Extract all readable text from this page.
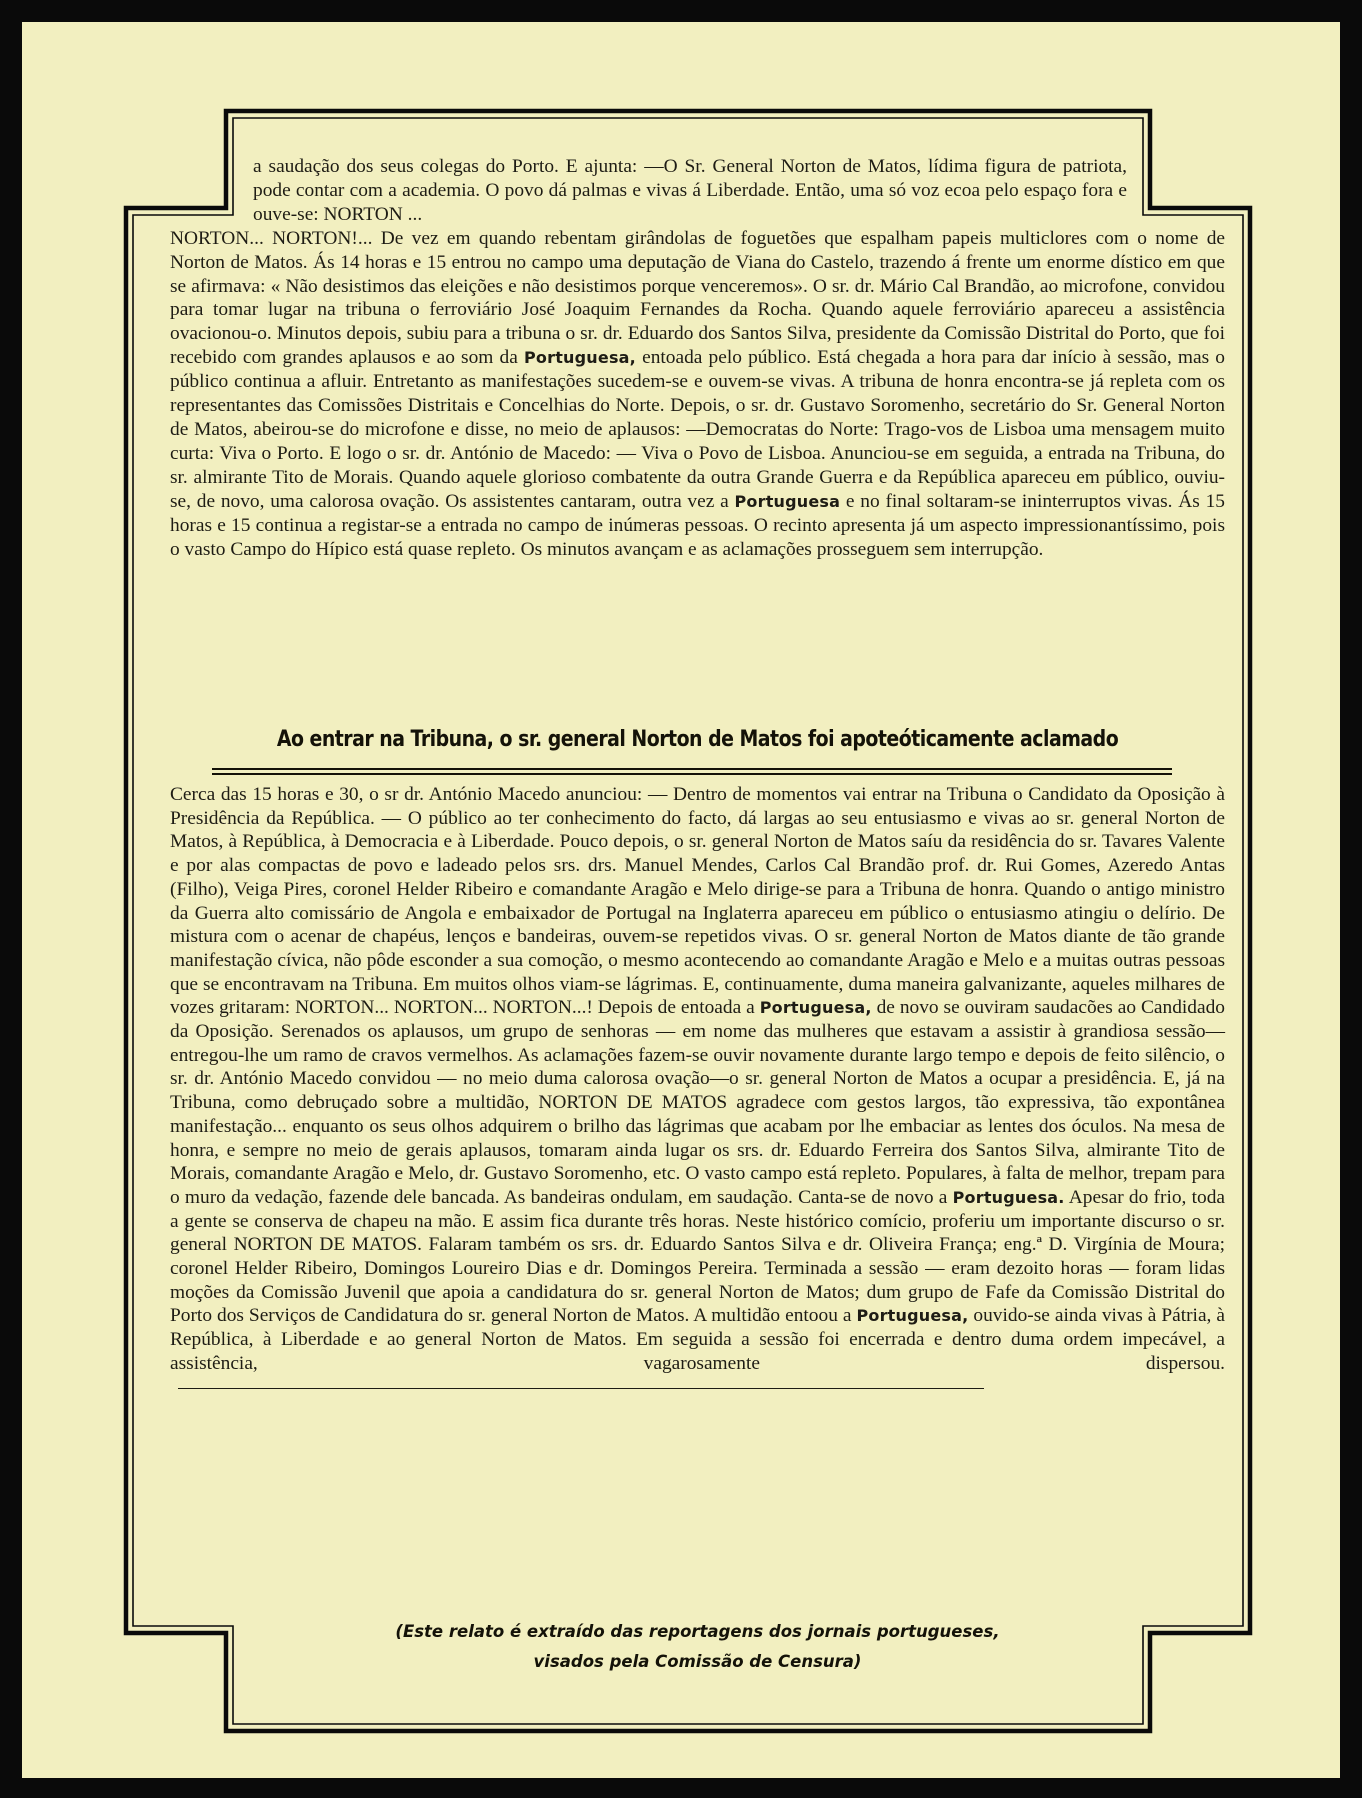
a saudação dos seus colegas do Porto. E ajunta: —O Sr. General Norton de Matos, lídima figura de patriota, pode contar com a academia. O povo dá palmas e vivas á Liberdade. Então, uma só voz ecoa pelo espaço fora e ouve-se: NORTON ...
NORTON... NORTON!... De vez em quando rebentam girândolas de foguetões que espalham papeis multiclores com o nome de Norton de Matos. Ás 14 horas e 15 entrou no campo uma deputação de Viana do Castelo, trazendo á frente um enorme dístico em que se afirmava: « Não desistimos das eleições e não desistimos porque venceremos». O sr. dr. Mário Cal Brandão, ao microfone, convidou para tomar lugar na tribuna o ferroviário José Joaquim Fernandes da Rocha. Quando aquele ferroviário apareceu a assistência ovacionou-o. Minutos depois, subiu para a tribuna o sr. dr. Eduardo dos Santos Silva, presidente da Comissão Distrital do Porto, que foi recebido com grandes aplausos e ao som da Portuguesa, entoada pelo público. Está chegada a hora para dar início à sessão, mas o público continua a afluir. Entretanto as manifestações sucedem-se e ouvem-se vivas. A tribuna de honra encontra-se já repleta com os representantes das Comissões Distritais e Concelhias do Norte. Depois, o sr. dr. Gustavo Soromenho, secretário do Sr. General Norton de Matos, abeirou-se do microfone e disse, no meio de aplausos: —Democratas do Norte: Trago-vos de Lisboa uma mensagem muito curta: Viva o Porto. E logo o sr. dr. António de Macedo: — Viva o Povo de Lisboa. Anunciou-se em seguida, a entrada na Tribuna, do sr. almirante Tito de Morais. Quando aquele glorioso combatente da outra Grande Guerra e da República apareceu em público, ouviu-se, de novo, uma calorosa ovação. Os assistentes cantaram, outra vez a Portuguesa e no final soltaram-se ininterruptos vivas. Ás 15 horas e 15 continua a registar-se a entrada no campo de inúmeras pessoas. O recinto apresenta já um aspecto impressionantíssimo, pois o vasto Campo do Hípico está quase repleto. Os minutos avançam e as aclamações prosseguem sem interrupção.

Ao entrar na Tribuna, o sr. general Norton de Matos foi apoteóticamente aclamado

Cerca das 15 horas e 30, o sr dr. António Macedo anunciou: — Dentro de momentos vai entrar na Tribuna o Candidato da Oposição à Presidência da República. — O público ao ter conhecimento do facto, dá largas ao seu entusiasmo e vivas ao sr. general Norton de Matos, à República, à Democracia e à Liberdade. Pouco depois, o sr. general Norton de Matos saíu da residência do sr. Tavares Valente e por alas compactas de povo e ladeado pelos srs. drs. Manuel Mendes, Carlos Cal Brandão prof. dr. Rui Gomes, Azeredo Antas (Filho), Veiga Pires, coronel Helder Ribeiro e comandante Aragão e Melo dirige-se para a Tribuna de honra. Quando o antigo ministro da Guerra alto comissário de Angola e embaixador de Portugal na Inglaterra apareceu em público o entusiasmo atingiu o delírio. De mistura com o acenar de chapéus, lenços e bandeiras, ouvem-se repetidos vivas. O sr. general Norton de Matos diante de tão grande manifestação cívica, não pôde esconder a sua comoção, o mesmo acontecendo ao comandante Aragão e Melo e a muitas outras pessoas que se encontravam na Tribuna. Em muitos olhos viam-se lágrimas. E, continuamente, duma maneira galvanizante, aqueles milhares de vozes gritaram: NORTON... NORTON... NORTON...! Depois de entoada a Portuguesa, de novo se ouviram saudacões ao Candidado da Oposição. Serenados os aplausos, um grupo de senhoras — em nome das mulheres que estavam a assistir à grandiosa sessão—entregou-lhe um ramo de cravos vermelhos. As aclamações fazem-se ouvir novamente durante largo tempo e depois de feito silêncio, o sr. dr. António Macedo convidou — no meio duma calorosa ovação—o sr. general Norton de Matos a ocupar a presidência. E, já na Tribuna, como debruçado sobre a multidão, NORTON DE MATOS agradece com gestos largos, tão expressiva, tão expontânea manifestação... enquanto os seus olhos adquirem o brilho das lágrimas que acabam por lhe embaciar as lentes dos óculos. Na mesa de honra, e sempre no meio de gerais aplausos, tomaram ainda lugar os srs. dr. Eduardo Ferreira dos Santos Silva, almirante Tito de Morais, comandante Aragão e Melo, dr. Gustavo Soromenho, etc. O vasto campo está repleto. Populares, à falta de melhor, trepam para o muro da vedação, fazende dele bancada. As bandeiras ondulam, em saudação. Canta-se de novo a Portuguesa. Apesar do frio, toda a gente se conserva de chapeu na mão. E assim fica durante três horas. Neste histórico comício, proferiu um importante discurso o sr. general NORTON DE MATOS. Falaram também os srs. dr. Eduardo Santos Silva e dr. Oliveira França; eng.ª D. Virgínia de Moura; coronel Helder Ribeiro, Domingos Loureiro Dias e dr. Domingos Pereira. Terminada a sessão — eram dezoito horas — foram lidas moções da Comissão Juvenil que apoia a candidatura do sr. general Norton de Matos; dum grupo de Fafe da Comissão Distrital do Porto dos Serviços de Candidatura do sr. general Norton de Matos. A multidão entoou a Portuguesa, ouvido-se ainda vivas à Pátria, à República, à Liberdade e ao general Norton de Matos. Em seguida a sessão foi encerrada e dentro duma ordem impecável, a assistência, vagarosamente dispersou.

(Este relato é extraído das reportagens dos jornais portugueses,
visados pela Comissão de Censura)
